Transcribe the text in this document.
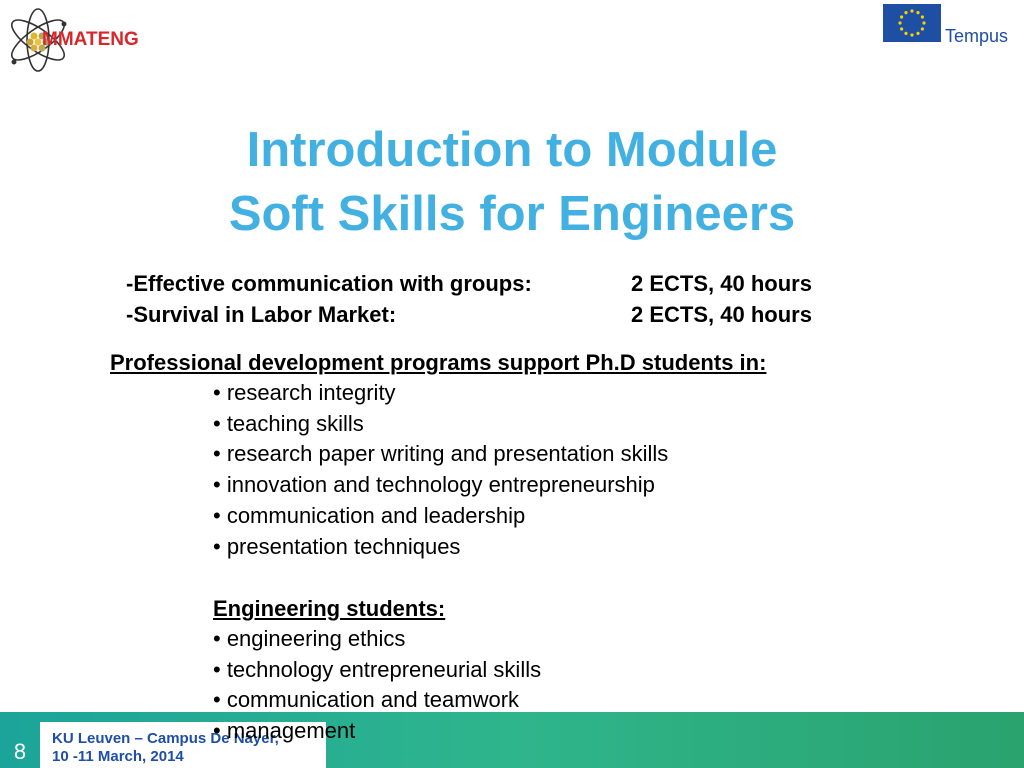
MMATENG	Tempus
Introduction to Module
Soft Skills for Engineers
-Effective communication with groups:	2 ECTS, 40 hours
-Survival in Labor Market:	2 ECTS, 40 hours
Professional development programs support Ph.D students in:
• research integrity
• teaching skills
• research paper writing and presentation skills
• innovation and technology entrepreneurship
• communication and leadership
• presentation techniques
Engineering students:
• engineering ethics
• technology entrepreneurial skills
• communication and teamwork
KU Leuven – Campus De Nayer,
10 -11 March, 2014
8
• management
